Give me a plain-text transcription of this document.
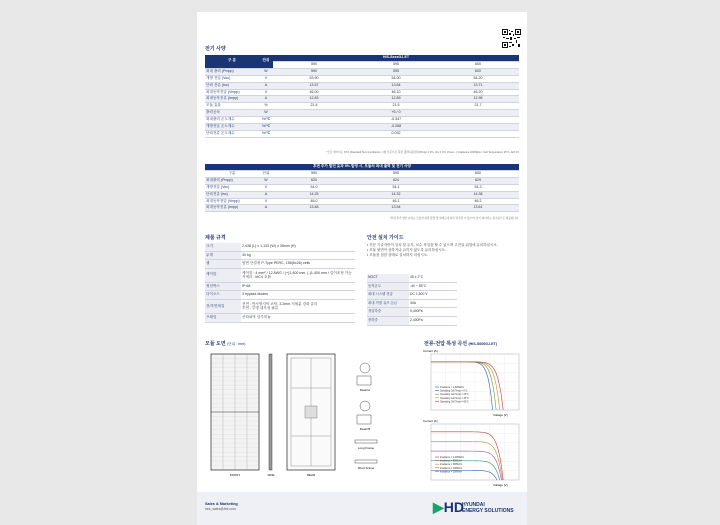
전기 사양
구 분	단위	HiS-SxxxGJ-ET		
		590	595	600
최대 출력 (Pmpp)	W	590	595	600
개방 전압 (Voc)	V	53.90	54.00	54.20
단락 전류 (Isc)	A	13.57	13.64	13.71
최대동작전압 (Vmpp)	V	46.00	46.10	46.20
최대동작전류 (Impp)	A	12.83	12.89	12.95
모듈 효율	%	21.4	21.5	21.7
출력공차	W	+5 / 0		
최대출력 온도계수	%/℃	-0.347		
개방전압 온도계수	%/℃	-0.268		
단락전류 온도계수	%/℃	0.032		
*모든 데이터는 STC (Standard Test Conditions) 시험 기준으로 측정: 출력허용편차(Pmpp ± 3%, Voc ± 3%, Pmax...) Irradiance 1000W/m², Cell Temperature 25°C, AM 1.5
후면 추가 발전 효과 5% 발생 시, 모듈의 최대 출력 및 전기 사양				
구분	단위	590	595	600
최대출력 (Pmpp)	W	620	624	629
개방전압 (Voc)	V	54.0	54.1	54.3
단락전류 (Isc)	A	14.25	14.32	14.38
최대동작전압 (Vmpp)	V	46.0	46.1	46.2
최대동작전류 (Impp)	A	13.48	13.54	13.61
*후면 추가 발전 효과는 모듈의 설치 환경 및 알베도에 따라 달라질 수 있으며, 상기 데이터는 참고용으로 제공됩니다.
제품 규격
크기	2,438 (L) x 1,133 (W) x 35mm (H)
무게	30 kg
셀	양면 단결정 P-Type PERC, 156(6x26) cells
케이블	케이블 : 4 mm² / 12 AWG / (+)1,400 mm, (-)1,400 mm / 길이조정 가능
커넥터 : MC4 호환
정션박스	IP 68
다이오드	3 bypass diodes
전/후면재질	전면 : 반사방지막 코팅, 3.2mm 저철분 강화 유리
후면 : 투명 내후성 필름
프레임	산화피막 알루미늄
안전 설치 가이드
• 전문 기술자만이 설치 및 유지, 보수 작업을 할 수 있으며 고전압 위험에 유의하십시오.
• 모듈 뒷면이 상하거나 긁히지 않도록 유의하십시오.
• 모듈을 험한 상태로 설치하지 마십시오.
NOCT	45 ± 2°C
동작온도	-40 ~ 85°C
최대 시스템 전압	DC 1,500 V
최대 직렬 퓨즈 등급	30A
정압하중	5,400Pa
풍하중	2,400Pa
모듈 도면 (단위 : mm)
FRONT	SIDE	REAR
Detail A
Detail B
Long Frame
Short Frame
전류-전압 특성 곡선 (HiS-S600GJ-ET)
Current [A]
Irradiance = 1,000W/m²
Operating Cell Temp = 0°C
Operating Cell Temp = 25°C
Operating Cell Temp = 45°C
Operating Cell Temp = 60°C
Voltage [V]
Current [A]
Irradiance = 1,000W/m²
Irradiance = 800W/m²
Irradiance = 600W/m²
Irradiance = 400W/m²
Irradiance = 200W/m²
Voltage [V]
Sales & Marketing
hes_sales@hhi.com	▶HD
HYUNDAI
ENERGY SOLUTIONS
